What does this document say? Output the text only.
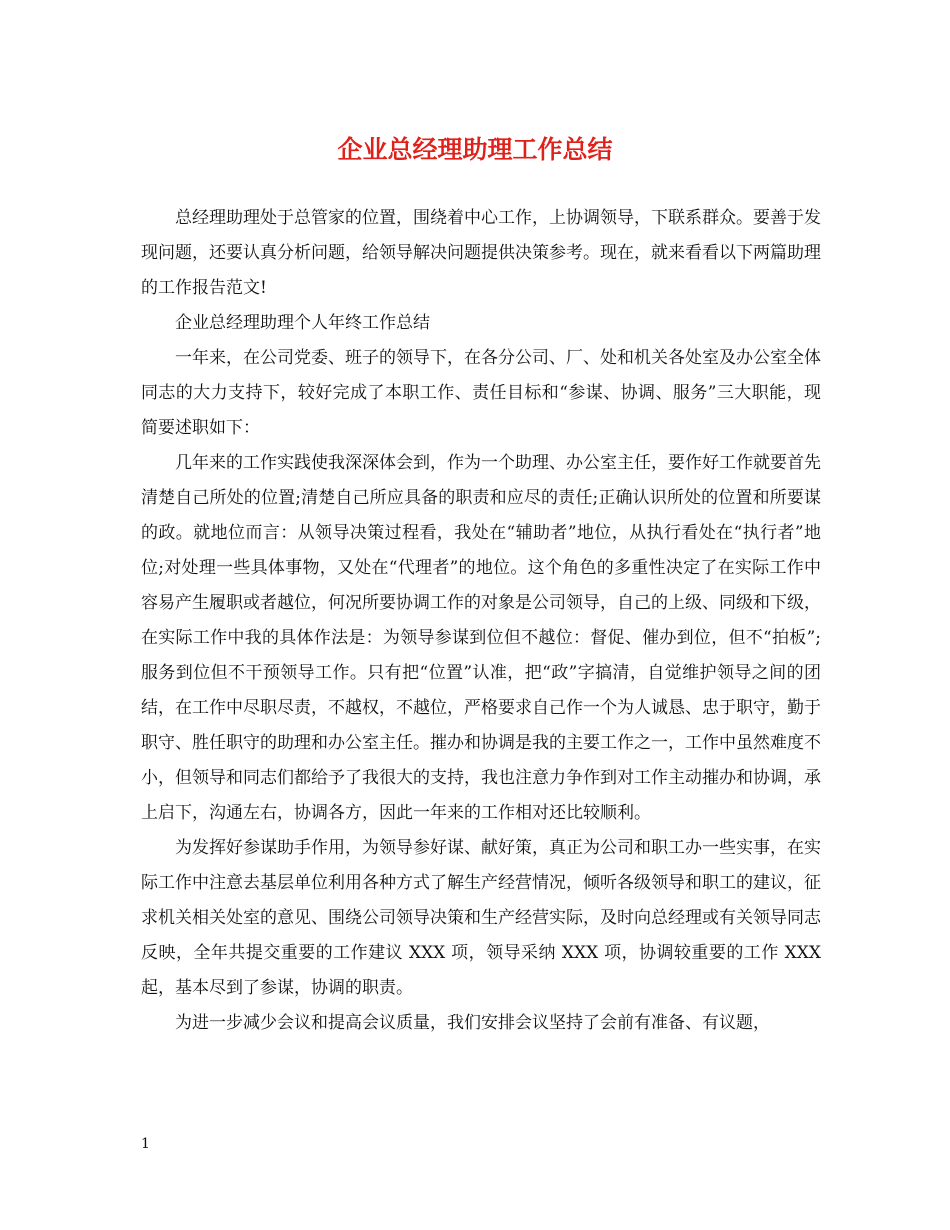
企业总经理助理工作总结

总经理助理处于总管家的位置，围绕着中心工作，上协调领导，下联系群众。要善于发现问题，还要认真分析问题，给领导解决问题提供决策参考。现在，就来看看以下两篇助理的工作报告范文!

企业总经理助理个人年终工作总结

一年来，在公司党委、班子的领导下，在各分公司、厂、处和机关各处室及办公室全体同志的大力支持下，较好完成了本职工作、责任目标和“参谋、协调、服务”三大职能，现简要述职如下：

几年来的工作实践使我深深体会到，作为一个助理、办公室主任，要作好工作就要首先清楚自己所处的位置;清楚自己所应具备的职责和应尽的责任;正确认识所处的位置和所要谋的政。就地位而言：从领导决策过程看，我处在“辅助者”地位，从执行看处在“执行者”地位;对处理一些具体事物，又处在“代理者”的地位。这个角色的多重性决定了在实际工作中容易产生履职或者越位，何况所要协调工作的对象是公司领导，自己的上级、同级和下级，在实际工作中我的具体作法是：为领导参谋到位但不越位：督促、催办到位，但不“拍板”;服务到位但不干预领导工作。只有把“位置”认准，把“政”字搞清，自觉维护领导之间的团结，在工作中尽职尽责，不越权，不越位，严格要求自己作一个为人诚恳、忠于职守，勤于职守、胜任职守的助理和办公室主任。摧办和协调是我的主要工作之一，工作中虽然难度不小，但领导和同志们都给予了我很大的支持，我也注意力争作到对工作主动摧办和协调，承上启下，沟通左右，协调各方，因此一年来的工作相对还比较顺利。

为发挥好参谋助手作用，为领导参好谋、献好策，真正为公司和职工办一些实事，在实际工作中注意去基层单位利用各种方式了解生产经营情况，倾听各级领导和职工的建议，征求机关相关处室的意见、围绕公司领导决策和生产经营实际，及时向总经理或有关领导同志反映，全年共提交重要的工作建议 XXX 项，领导采纳 XXX 项，协调较重要的工作 XXX 起，基本尽到了参谋，协调的职责。

为进一步减少会议和提高会议质量，我们安排会议坚持了会前有准备、有议题，

1
